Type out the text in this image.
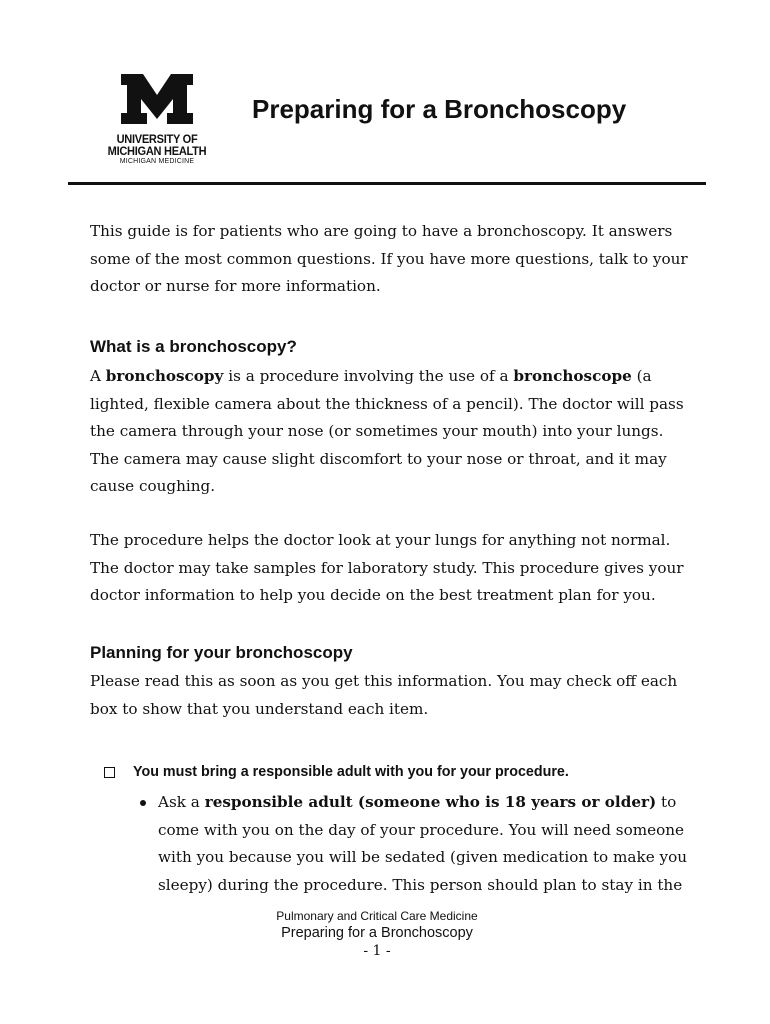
UNIVERSITY OF
MICHIGAN HEALTH
MICHIGAN MEDICINE
Preparing for a Bronchoscopy

This guide is for patients who are going to have a bronchoscopy. It answers some of the most common questions. If you have more questions, talk to your doctor or nurse for more information.

What is a bronchoscopy?

A bronchoscopy is a procedure involving the use of a bronchoscope (a lighted, flexible camera about the thickness of a pencil). The doctor will pass the camera through your nose (or sometimes your mouth) into your lungs. The camera may cause slight discomfort to your nose or throat, and it may cause coughing.

The procedure helps the doctor look at your lungs for anything not normal. The doctor may take samples for laboratory study. This procedure gives your doctor information to help you decide on the best treatment plan for you.

Planning for your bronchoscopy

Please read this as soon as you get this information. You may check off each box to show that you understand each item.

You must bring a responsible adult with you for your procedure.

Ask a responsible adult (someone who is 18 years or older) to come with you on the day of your procedure. You will need someone with you because you will be sedated (given medication to make you sleepy) during the procedure. This person should plan to stay in the

Pulmonary and Critical Care Medicine
Preparing for a Bronchoscopy
- 1 -
